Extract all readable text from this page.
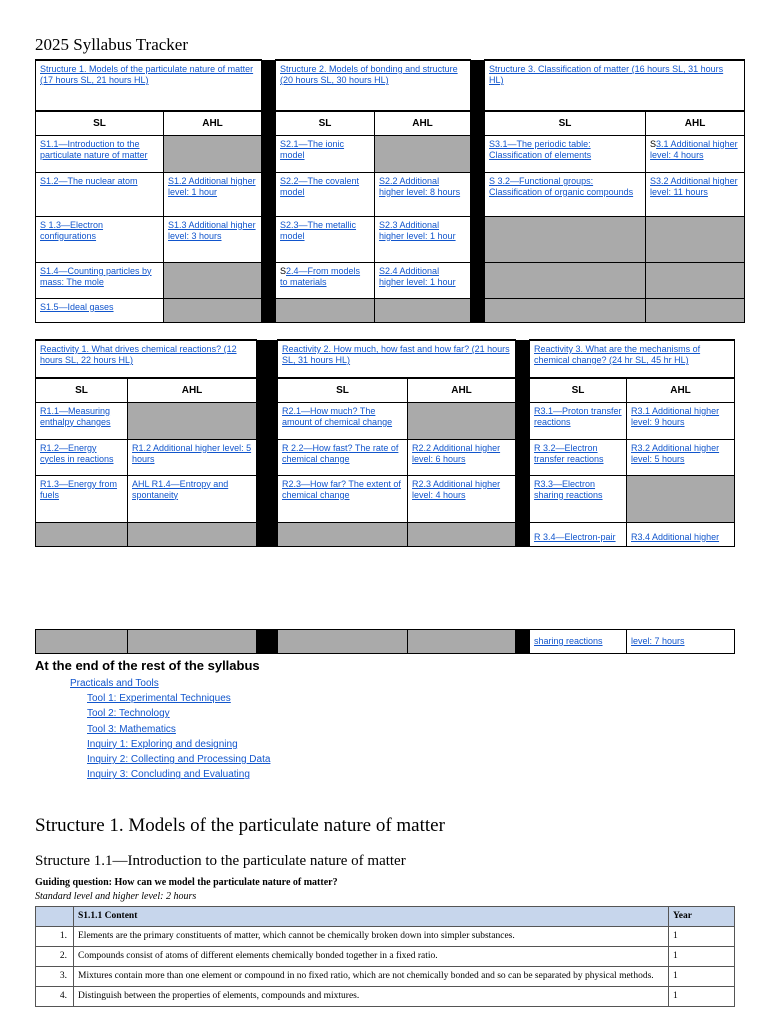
2025 Syllabus Tracker
Structure 1. Models of the particulate nature of matter (17 hours SL, 21 hours HL)			Structure 2. Models of bonding and structure (20 hours SL, 30 hours HL)			Structure 3. Classification of matter (16 hours SL, 31 hours HL)	
SL	AHL		SL	AHL		SL	AHL
S1.1—Introduction to the particulate nature of matter			S2.1—The ionic model			S3.1—The periodic table: Classification of elements	S3.1 Additional higher level: 4 hours
S1.2—The nuclear atom	S1.2 Additional higher level: 1 hour		S2.2—The covalent model	S2.2 Additional higher level: 8 hours		S 3.2—Functional groups: Classification of organic compounds	S3.2 Additional higher level: 11 hours
S 1.3—Electron configurations	S1.3 Additional higher level: 3 hours		S2.3—The metallic model	S2.3 Additional higher level: 1 hour			
S1.4—Counting particles by mass: The mole			S2.4—From models to materials	S2.4 Additional higher level: 1 hour			
S1.5—Ideal gases							
Reactivity 1. What drives chemical reactions? (12 hours SL, 22 hours HL)			Reactivity 2. How much, how fast and how far? (21 hours SL, 31 hours HL)			Reactivity 3. What are the mechanisms of chemical change? (24 hr SL, 45 hr HL)	
SL	AHL		SL	AHL		SL	AHL
R1.1—Measuring enthalpy changes			R2.1—How much? The amount of chemical change			R3.1—Proton transfer reactions	R3.1 Additional higher level: 9 hours
R1.2—Energy cycles in reactions	R1.2 Additional higher level: 5 hours		R 2.2—How fast? The rate of chemical change	R2.2 Additional higher level: 6 hours		R 3.2—Electron transfer reactions	R3.2 Additional higher level: 5 hours
R1.3—Energy from fuels	AHL R1.4—Entropy and spontaneity		R2.3—How far? The extent of chemical change	R2.3 Additional higher level: 4 hours		R3.3—Electron sharing reactions	
						R 3.4—Electron-pair	R3.4 Additional higher
						sharing reactions	level: 7 hours
At the end of the rest of the syllabus
Practicals and Tools
Tool 1: Experimental Techniques
Tool 2: Technology
Tool 3: Mathematics
Inquiry 1: Exploring and designing
Inquiry 2: Collecting and Processing Data
Inquiry 3: Concluding and Evaluating
Structure 1. Models of the particulate nature of matter
Structure 1.1—Introduction to the particulate nature of matter
Guiding question: How can we model the particulate nature of matter?
Standard level and higher level: 2 hours
	S1.1.1 Content	Year
1.	Elements are the primary constituents of matter, which cannot be chemically broken down into simpler substances.	1
2.	Compounds consist of atoms of different elements chemically bonded together in a fixed ratio.	1
3.	Mixtures contain more than one element or compound in no fixed ratio, which are not chemically bonded and so can be separated by physical methods.	1
4.	Distinguish between the properties of elements, compounds and mixtures.	1
